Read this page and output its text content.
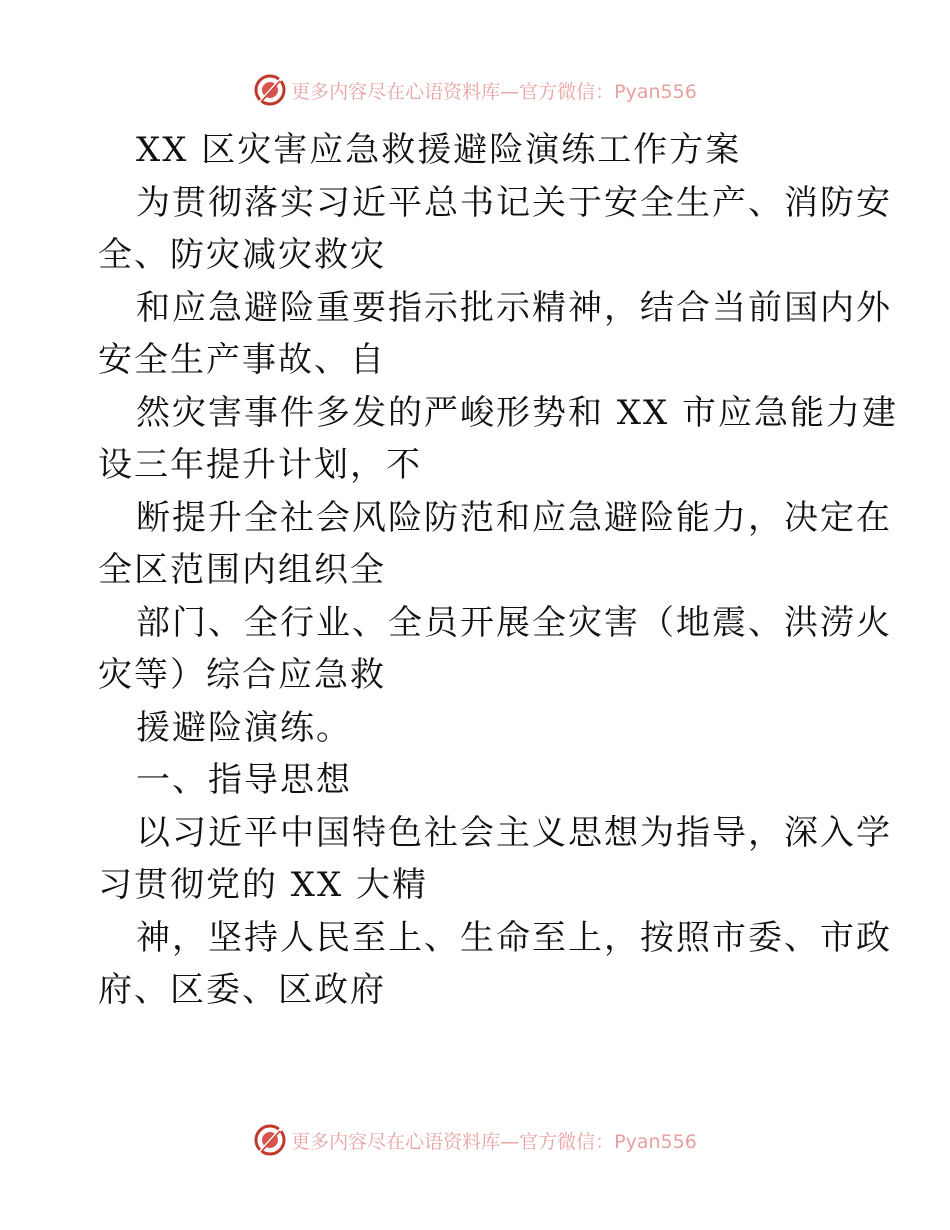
更多内容尽在心语资料库—官方微信：Pyan556
XX 区灾害应急救援避险演练工作方案
为贯彻落实习近平总书记关于安全生产、消防安
全、防灾减灾救灾
和应急避险重要指示批示精神，结合当前国内外
安全生产事故、自
然灾害事件多发的严峻形势和 XX 市应急能力建
设三年提升计划，不
断提升全社会风险防范和应急避险能力，决定在
全区范围内组织全
部门、全行业、全员开展全灾害（地震、洪涝火
灾等）综合应急救
援避险演练。
一、指导思想
以习近平中国特色社会主义思想为指导，深入学
习贯彻党的 XX 大精
神，坚持人民至上、生命至上，按照市委、市政
府、区委、区政府
更多内容尽在心语资料库—官方微信：Pyan556
